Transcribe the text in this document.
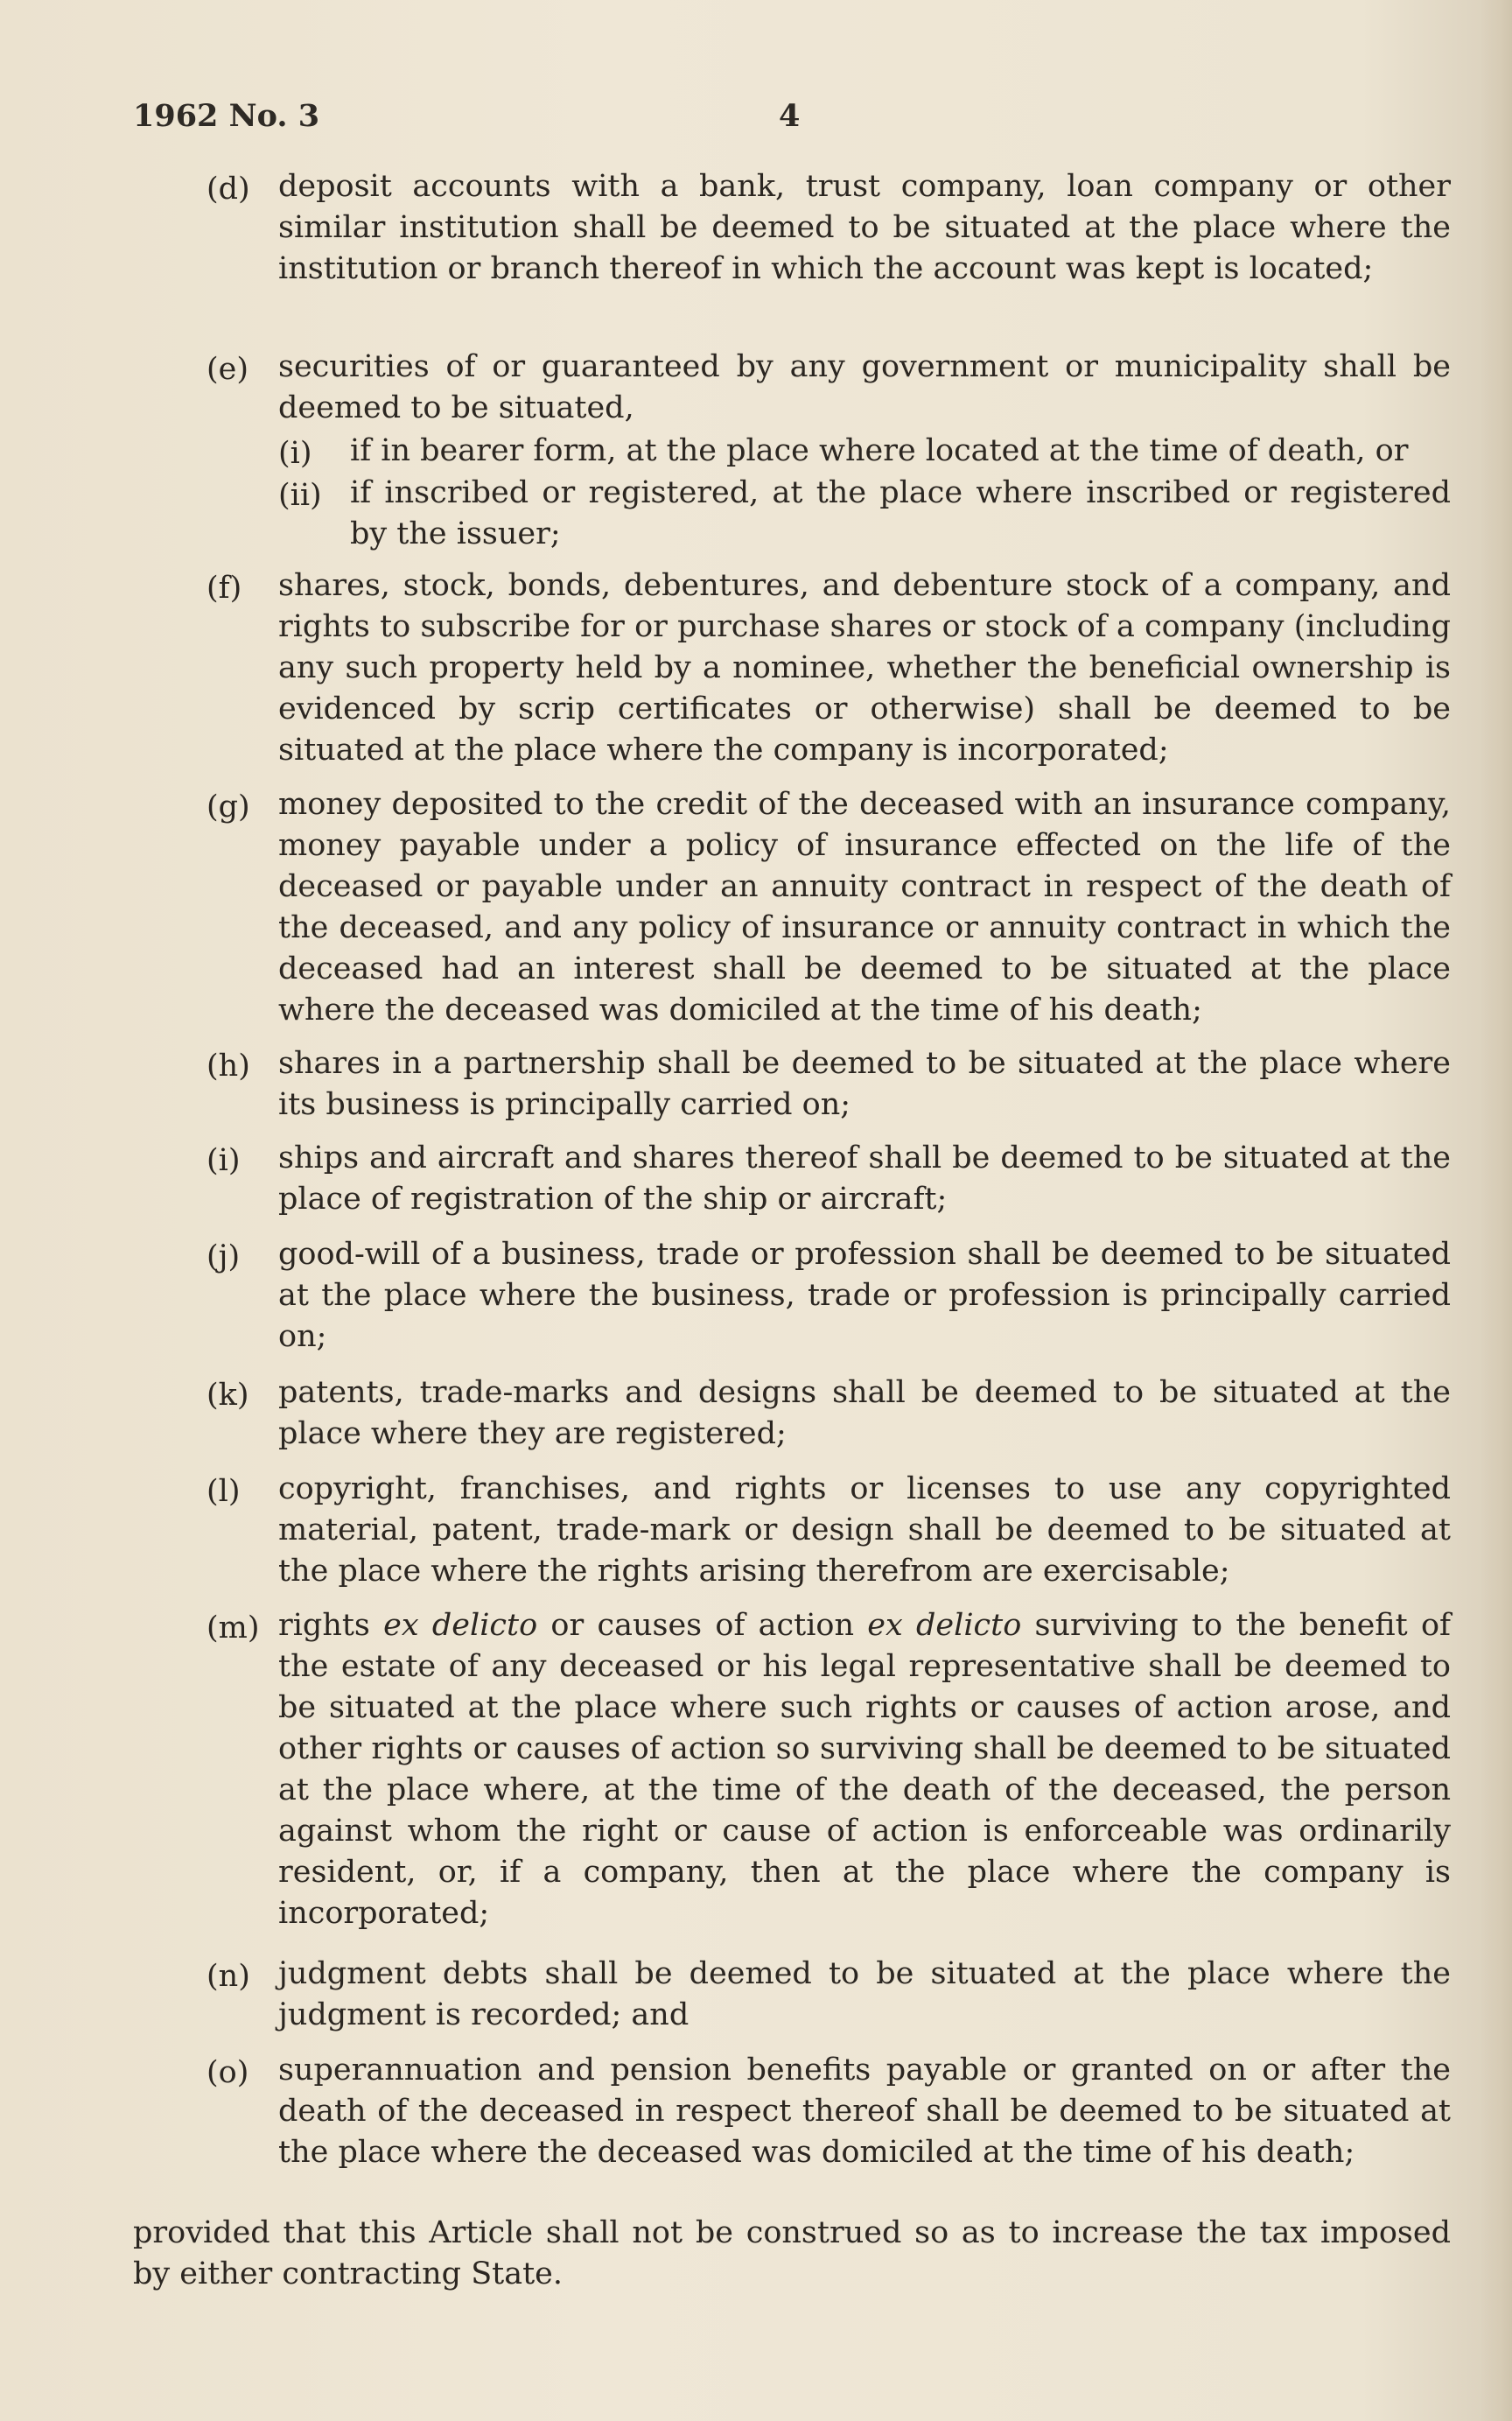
1962 No. 3	4
(d) deposit accounts with a bank, trust company, loan company or other similar institution shall be deemed to be situated at the place where the institution or branch thereof in which the account was kept is located;
(e) securities of or guaranteed by any government or municipality shall be deemed to be situated,
(i) if in bearer form, at the place where located at the time of death, or
(ii) if inscribed or registered, at the place where inscribed or registered by the issuer;
(f) shares, stock, bonds, debentures, and debenture stock of a company, and rights to subscribe for or purchase shares or stock of a company (including any such property held by a nominee, whether the beneficial ownership is evidenced by scrip certificates or otherwise) shall be deemed to be situated at the place where the company is incorporated;
(g) money deposited to the credit of the deceased with an insurance company, money payable under a policy of insurance effected on the life of the deceased or payable under an annuity contract in respect of the death of the deceased, and any policy of insurance or annuity contract in which the deceased had an interest shall be deemed to be situated at the place where the deceased was domiciled at the time of his death;
(h) shares in a partnership shall be deemed to be situated at the place where its business is principally carried on;
(i) ships and aircraft and shares thereof shall be deemed to be situated at the place of registration of the ship or aircraft;
(j) good-will of a business, trade or profession shall be deemed to be situated at the place where the business, trade or profession is principally carried on;
(k) patents, trade-marks and designs shall be deemed to be situated at the place where they are registered;
(l) copyright, franchises, and rights or licenses to use any copyrighted material, patent, trade-mark or design shall be deemed to be situated at the place where the rights arising therefrom are exercisable;
(m) rights ex delicto or causes of action ex delicto surviving to the benefit of the estate of any deceased or his legal representative shall be deemed to be situated at the place where such rights or causes of action arose, and other rights or causes of action so surviving shall be deemed to be situated at the place where, at the time of the death of the deceased, the person against whom the right or cause of action is enforceable was ordinarily resident, or, if a company, then at the place where the company is incorporated;
(n) judgment debts shall be deemed to be situated at the place where the judgment is recorded; and
(o) superannuation and pension benefits payable or granted on or after the death of the deceased in respect thereof shall be deemed to be situated at the place where the deceased was domiciled at the time of his death;
provided that this Article shall not be construed so as to increase the tax imposed by either contracting State.
